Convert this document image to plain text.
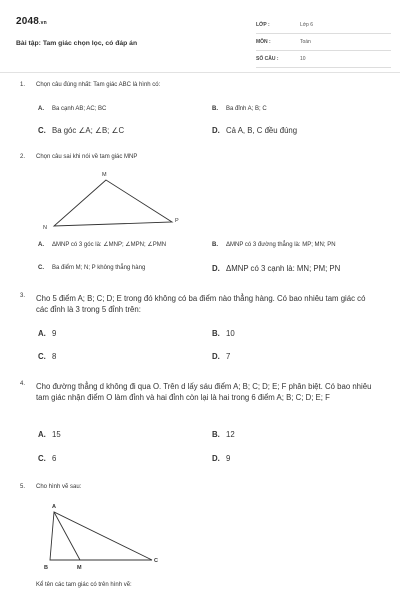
2048.vn
Bài tập: Tam giác chọn lọc, có đáp án
LỚP :	Lớp 6
MÔN :	Toán
SỐ CÂU :	10
1. Chọn câu đúng nhất: Tam giác ABC là hình có:
A. Ba cạnh AB; AC; BC	B. Ba đỉnh A; B; C
C. Ba góc ∠A; ∠B; ∠C	D. Cả A, B, C đều đúng
2. Chọn câu sai khi nói về tam giác MNP
M
N
P
A. ΔMNP có 3 góc là: ∠MNP; ∠MPN; ∠PMN	B. ΔMNP có 3 đường thẳng là: MP; MN; PN
C. Ba điểm M; N; P không thẳng hàng	D. ΔMNP có 3 cạnh là: MN; PM; PN
3. Cho 5 điểm A; B; C; D; E trong đó không có ba điểm nào thẳng hàng. Có bao nhiêu tam giác có các đỉnh là 3 trong 5 đỉnh trên:
A. 9	B. 10
C. 8	D. 7
4. Cho đường thẳng d không đi qua O. Trên d lấy sáu điểm A; B; C; D; E; F phân biệt. Có bao nhiêu tam giác nhận điểm O làm đỉnh và hai đỉnh còn lại là hai trong 6 điểm A; B; C; D; E; F
A. 15	B. 12
C. 6	D. 9
5. Cho hình vẽ sau:
A
B	M
C
Kể tên các tam giác có trên hình vẽ:
